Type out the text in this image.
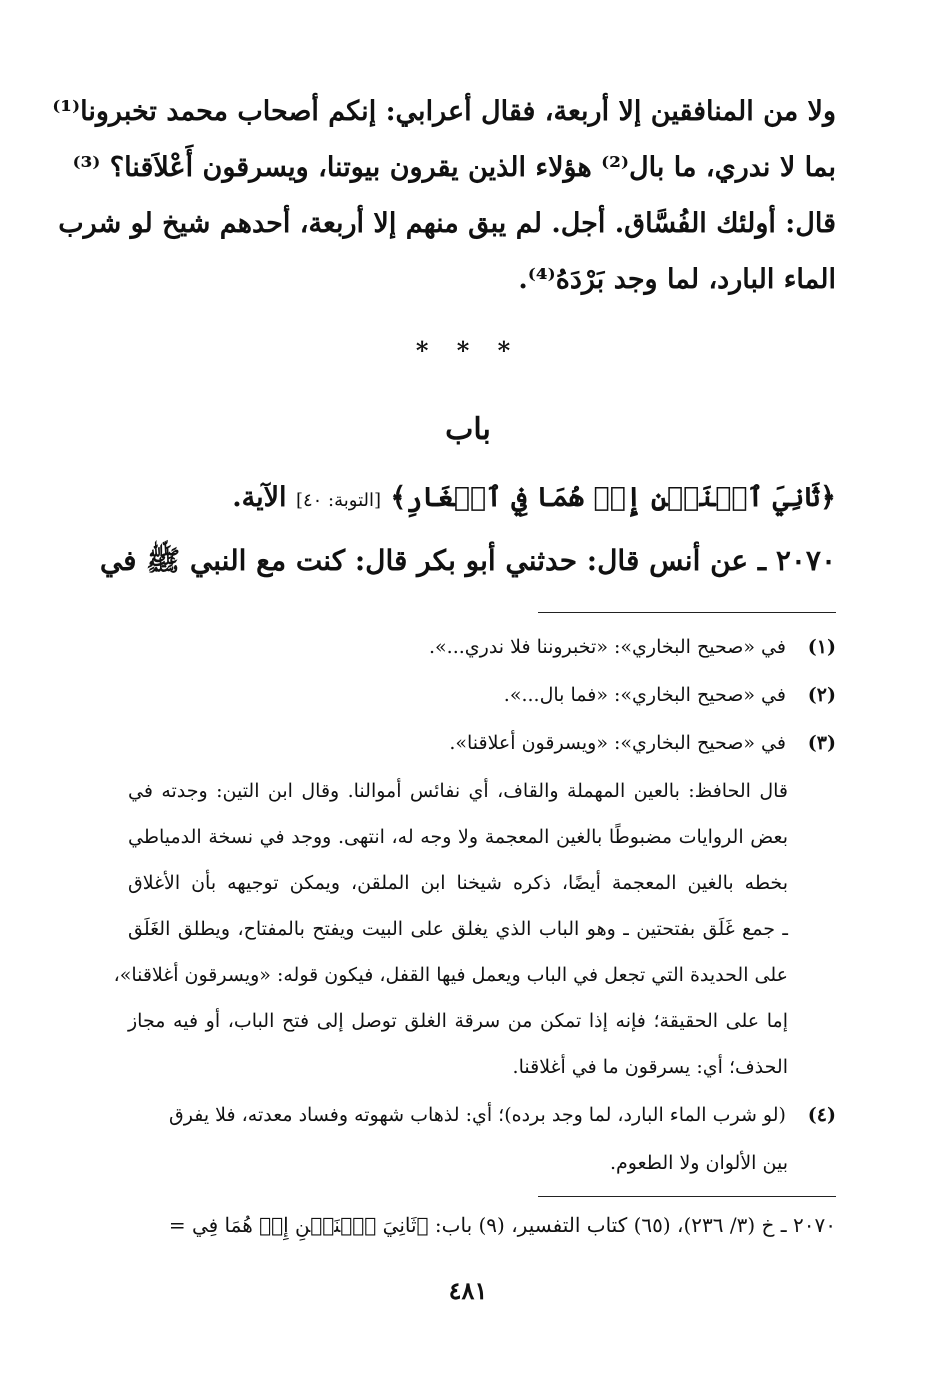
ولا من المنافقين إلا أربعة، فقال أعرابي: إنكم أصحاب محمد تخبرونا⁽¹⁾
بما لا ندري، ما بال⁽²⁾ هؤلاء الذين يقرون بيوتنا، ويسرقون أَعْلاَقنا؟ ⁽³⁾
قال: أولئك الفُسَّاق. أجل. لم يبق منهم إلا أربعة، أحدهم شيخ لو شرب
الماء البارد، لما وجد بَرْدَهُ⁽⁴⁾.
* * *
باب
﴿ثَانِيَ ٱثۡنَيۡنِ إِذۡ هُمَا فِي ٱلۡغَارِ﴾ [التوبة: ٤٠] الآية.
٢٠٧٠ ـ عن أنس قال: حدثني أبو بكر قال: كنت مع النبي ﷺ في
(١) في «صحيح البخاري»: «تخبروننا فلا ندري...».
(٢) في «صحيح البخاري»: «فما بال...».
(٣) في «صحيح البخاري»: «ويسرقون أعلاقنا».
قال الحافظ: بالعين المهملة والقاف، أي نفائس أموالنا. وقال ابن التين: وجدته في
بعض الروايات مضبوطًا بالغين المعجمة ولا وجه له، انتهى. ووجد في نسخة الدمياطي
بخطه بالغين المعجمة أيضًا، ذكره شيخنا ابن الملقن، ويمكن توجيهه بأن الأغلاق
ـ جمع غَلَق بفتحتين ـ وهو الباب الذي يغلق على البيت ويفتح بالمفتاح، ويطلق الغَلَق
على الحديدة التي تجعل في الباب ويعمل فيها القفل، فيكون قوله: «ويسرقون أغلاقنا»،
إما على الحقيقة؛ فإنه إذا تمكن من سرقة الغلق توصل إلى فتح الباب، أو فيه مجاز
الحذف؛ أي: يسرقون ما في أغلاقنا.
(٤) (لو شرب الماء البارد، لما وجد برده)؛ أي: لذهاب شهوته وفساد معدته، فلا يفرق
بين الألوان ولا الطعوم.
٢٠٧٠ ـ خ (٣/ ٢٣٦)، (٦٥) كتاب التفسير، (٩) باب: ﴿ثَانِيَ ٱثۡنَيۡنِ إِذۡ هُمَا فِي =
٤٨١
